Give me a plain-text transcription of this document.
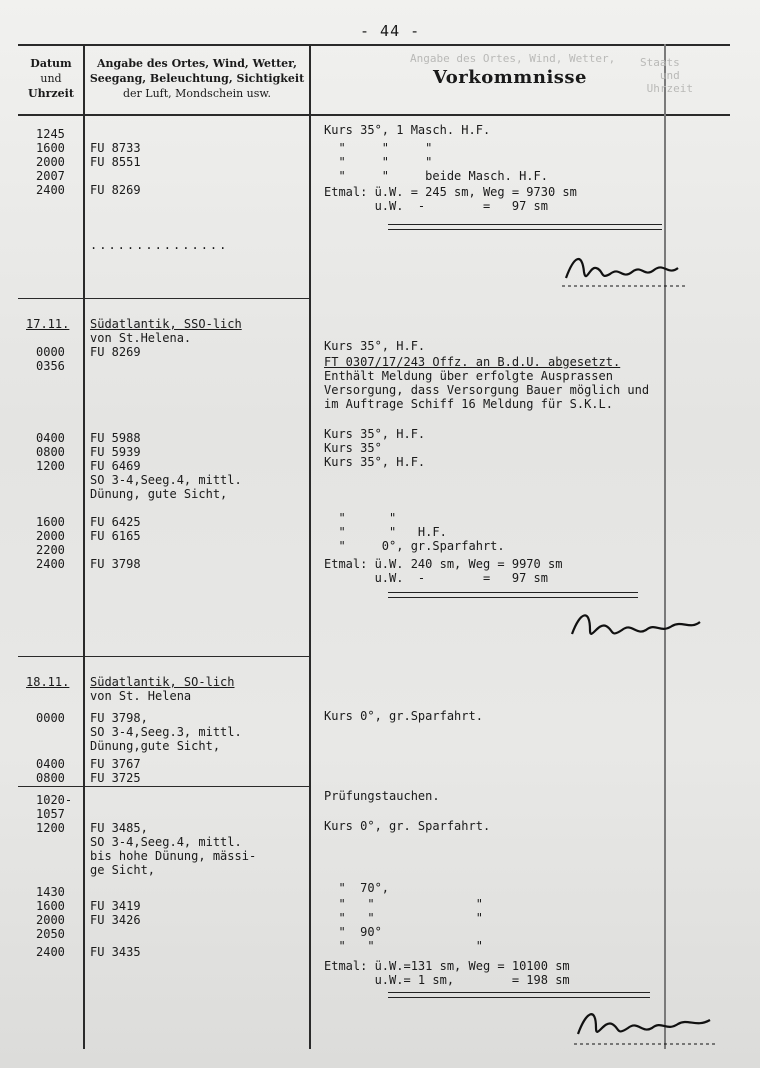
- 44 -
Datum
und
Uhrzeit
Angabe des Ortes, Wind, Wetter,
Seegang, Beleuchtung, Sichtigkeit
der Luft, Mondschein usw.
Vorkommnisse
Staats
und
Uhrzeit
Angabe des Ortes, Wind, Wetter,
1245
1600 FU 8733
2000 FU 8551
2007
2400 FU 8269
17.11. Südatlantik, SSO-lich
von St.Helena.
0000 FU 8269
0356
0400 FU 5988
0800 FU 5939
1200 FU 6469
SO 3-4,Seeg.4, mittl.
Dünung, gute Sicht,
1600 FU 6425
2000 FU 6165
2200
2400 FU 3798
18.11. Südatlantik, SO-lich
von St. Helena
0000 FU 3798,
SO 3-4,Seeg.3, mittl.
Dünung,gute Sicht,
0400 FU 3767
0800 FU 3725
1020-
1057
1200 FU 3485,
SO 3-4,Seeg.4, mittl.
bis hohe Dünung, mässi-
ge Sicht,
1430
1600 FU 3419
2000 FU 3426
2050
2400 FU 3435
Kurs 35°, 1 Masch. H.F.
"     "     "
"     "     "
"     "     beide Masch. H.F.
Etmal: ü.W. = 245 sm, Weg = 9730 sm
u.W.  -        =   97 sm
Kurs 35°, H.F.
FT 0307/17/243 Offz. an B.d.U. abgesetzt.
Enthält Meldung über erfolgte Ausprassen
Versorgung, dass Versorgung Bauer möglich und
im Auftrage Schiff 16 Meldung für S.K.L.
Kurs 35°, H.F.
Kurs 35°
Kurs 35°, H.F.
"      "
"      "   H.F.
"     0°, gr.Sparfahrt.
Etmal: ü.W. 240 sm, Weg = 9970 sm
u.W.  -        =   97 sm
Kurs 0°, gr.Sparfahrt.
Prüfungstauchen.
Kurs 0°, gr. Sparfahrt.
"  70°,
"   "              "
"   "              "
"  90°
"   "              "
Etmal: ü.W.=131 sm, Weg = 10100 sm
u.W.= 1 sm,        = 198 sm
...............
